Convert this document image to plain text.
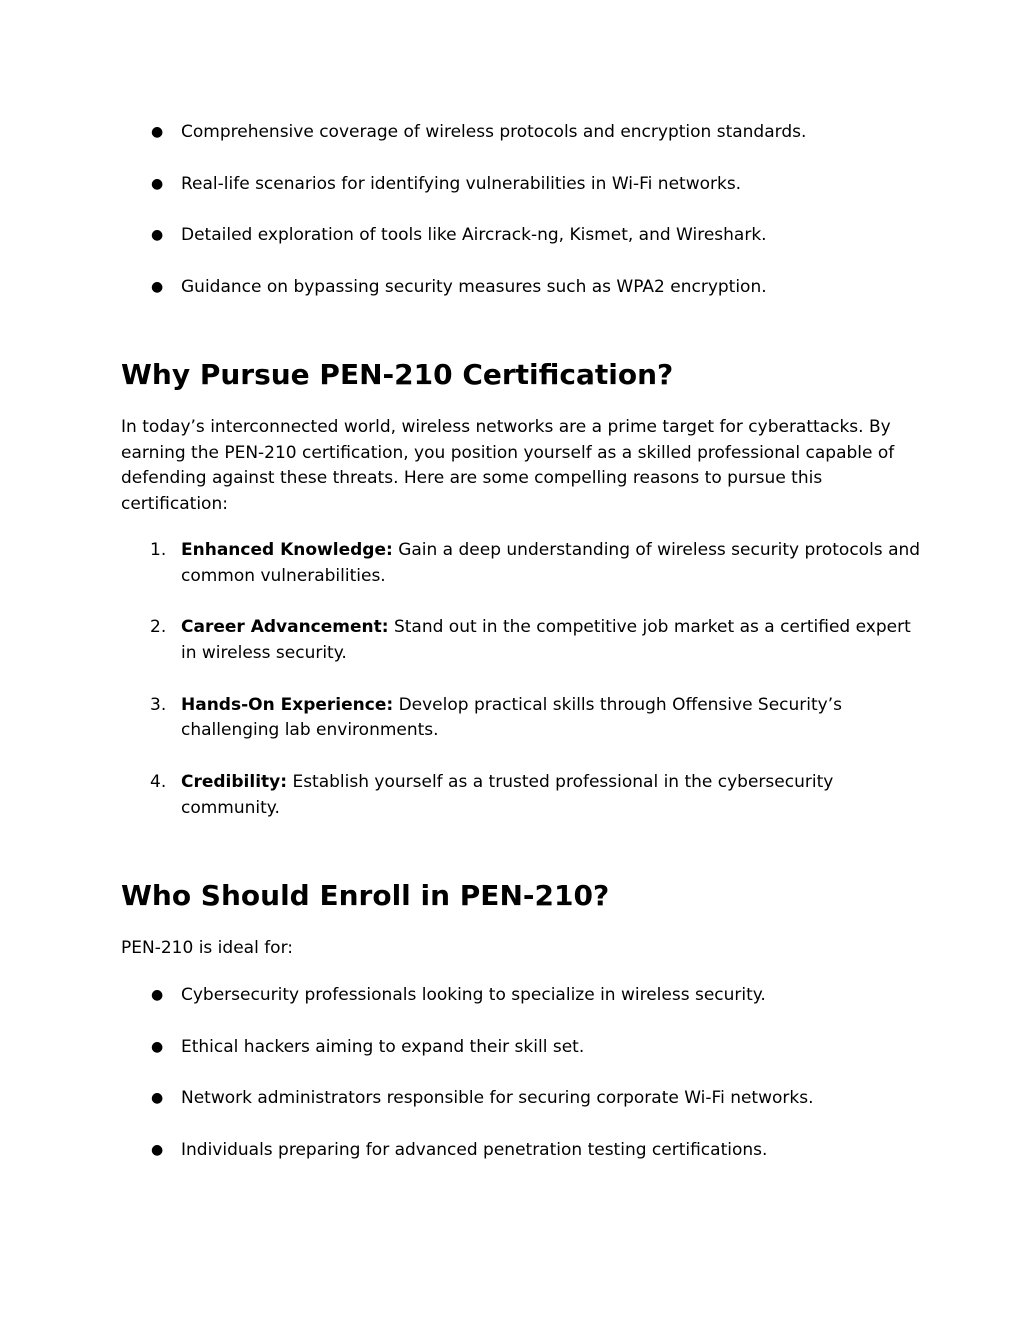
● Comprehensive coverage of wireless protocols and encryption standards.
● Real-life scenarios for identifying vulnerabilities in Wi-Fi networks.
● Detailed exploration of tools like Aircrack-ng, Kismet, and Wireshark.
● Guidance on bypassing security measures such as WPA2 encryption.
Why Pursue PEN-210 Certification?

In today’s interconnected world, wireless networks are a prime target for cyberattacks. By earning the PEN-210 certification, you position yourself as a skilled professional capable of defending against these threats. Here are some compelling reasons to pursue this certification:

1. Enhanced Knowledge: Gain a deep understanding of wireless security protocols and common vulnerabilities.
2. Career Advancement: Stand out in the competitive job market as a certified expert in wireless security.
3. Hands-On Experience: Develop practical skills through Offensive Security’s challenging lab environments.
4. Credibility: Establish yourself as a trusted professional in the cybersecurity community.
Who Should Enroll in PEN-210?

PEN-210 is ideal for:

● Cybersecurity professionals looking to specialize in wireless security.
● Ethical hackers aiming to expand their skill set.
● Network administrators responsible for securing corporate Wi-Fi networks.
● Individuals preparing for advanced penetration testing certifications.
